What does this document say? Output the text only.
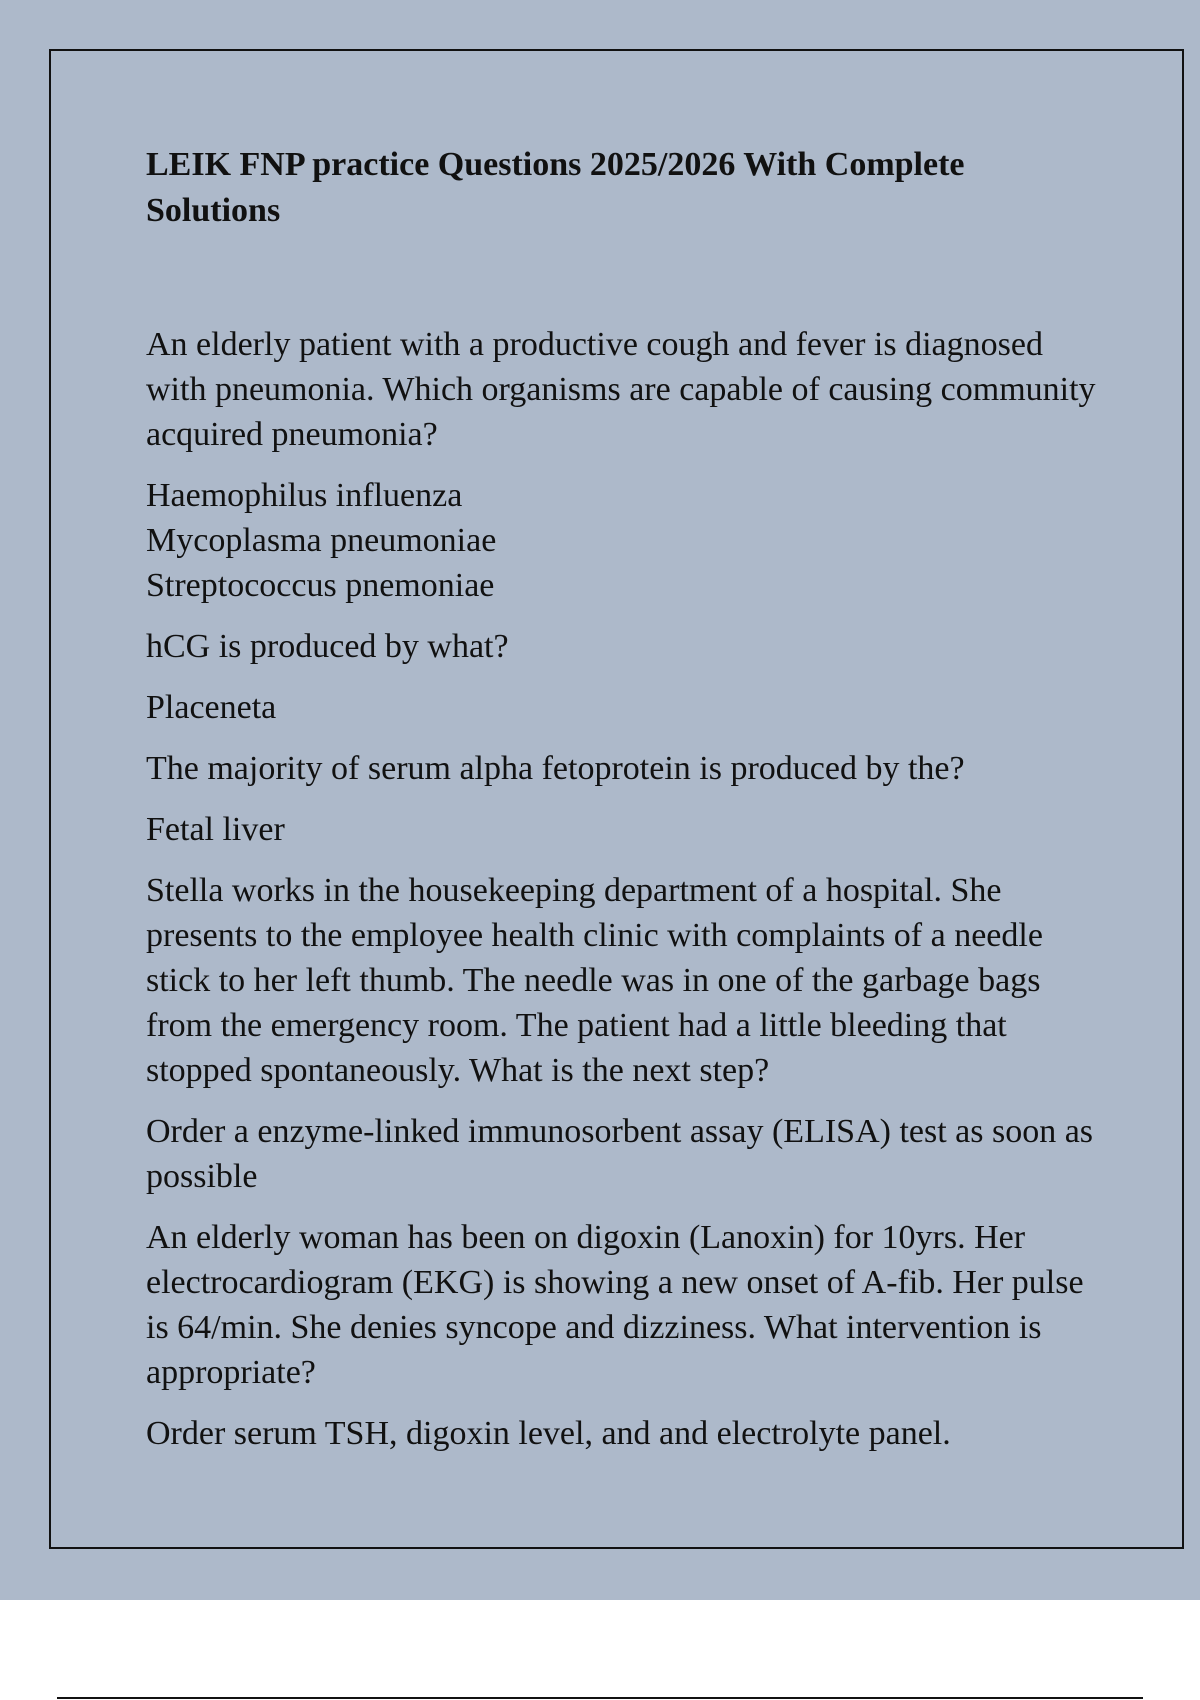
LEIK FNP practice Questions 2025/2026 With Complete Solutions
An elderly patient with a productive cough and fever is diagnosed with pneumonia. Which organisms are capable of causing community acquired pneumonia?
Haemophilus influenza
Mycoplasma pneumoniae
Streptococcus pnemoniae
hCG is produced by what?
Placeneta
The majority of serum alpha fetoprotein is produced by the?
Fetal liver
Stella works in the housekeeping department of a hospital. She presents to the employee health clinic with complaints of a needle stick to her left thumb. The needle was in one of the garbage bags from the emergency room. The patient had a little bleeding that stopped spontaneously. What is the next step?
Order a enzyme-linked immunosorbent assay (ELISA) test as soon as possible
An elderly woman has been on digoxin (Lanoxin) for 10yrs. Her electrocardiogram (EKG) is showing a new onset of A-fib. Her pulse is 64/min. She denies syncope and dizziness. What intervention is appropriate?
Order serum TSH, digoxin level, and and electrolyte panel.
